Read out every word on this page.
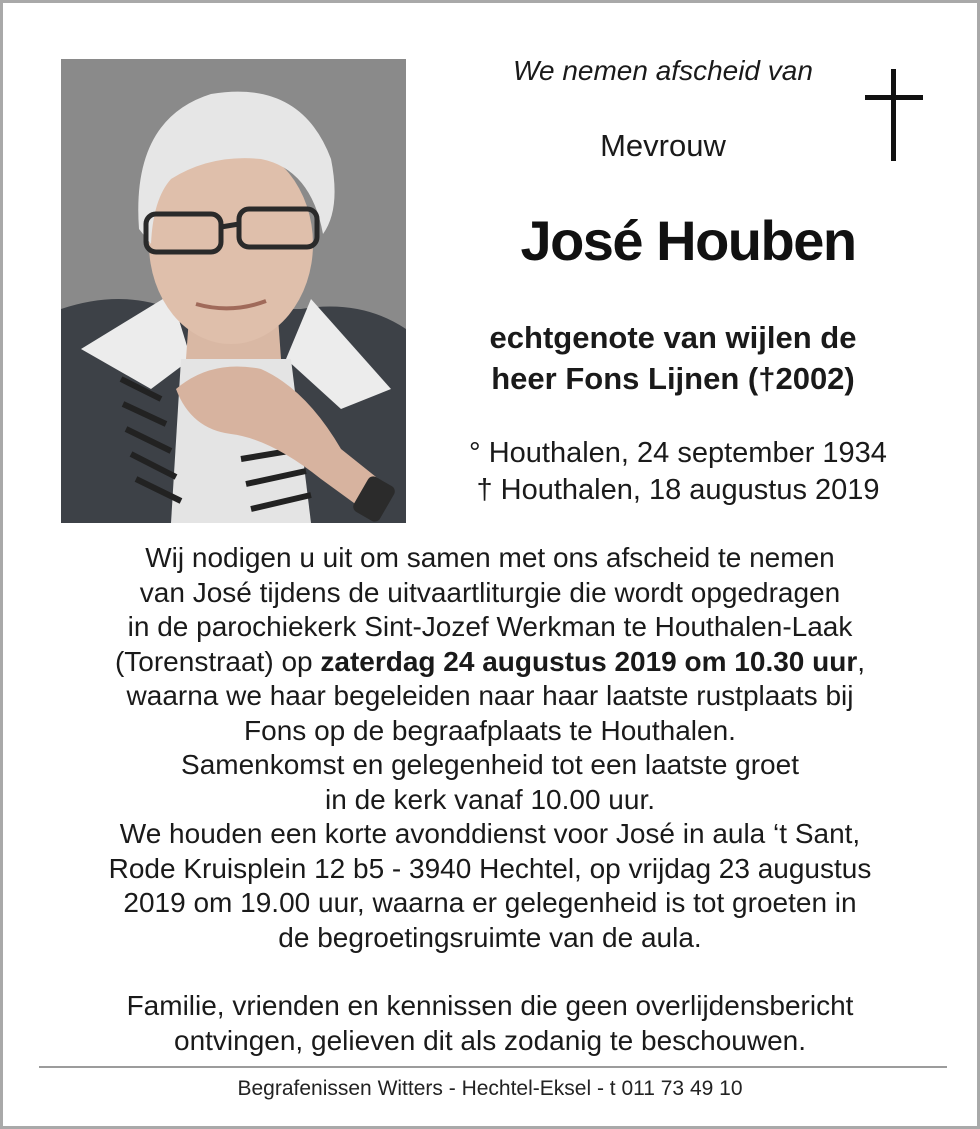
We nemen afscheid van
Mevrouw
José Houben
echtgenote van wijlen de
heer Fons Lijnen (†2002)
° Houthalen, 24 september 1934
† Houthalen, 18 augustus 2019

Wij nodigen u uit om samen met ons afscheid te nemen

van José tijdens de uitvaartliturgie die wordt opgedragen

in de parochiekerk Sint-Jozef Werkman te Houthalen-Laak

(Torenstraat) op zaterdag 24 augustus 2019 om 10.30 uur,

waarna we haar begeleiden naar haar laatste rustplaats bij

Fons op de begraafplaats te Houthalen.

Samenkomst en gelegenheid tot een laatste groet

in de kerk vanaf 10.00 uur.

We houden een korte avonddienst voor José in aula ‘t Sant,

Rode Kruisplein 12 b5 - 3940 Hechtel, op vrijdag 23 augustus

2019 om 19.00 uur, waarna er gelegenheid is tot groeten in

de begroetingsruimte van de aula.

Familie, vrienden en kennissen die geen overlijdensbericht

ontvingen, gelieven dit als zodanig te beschouwen.

Begrafenissen Witters - Hechtel-Eksel - t 011 73 49 10
